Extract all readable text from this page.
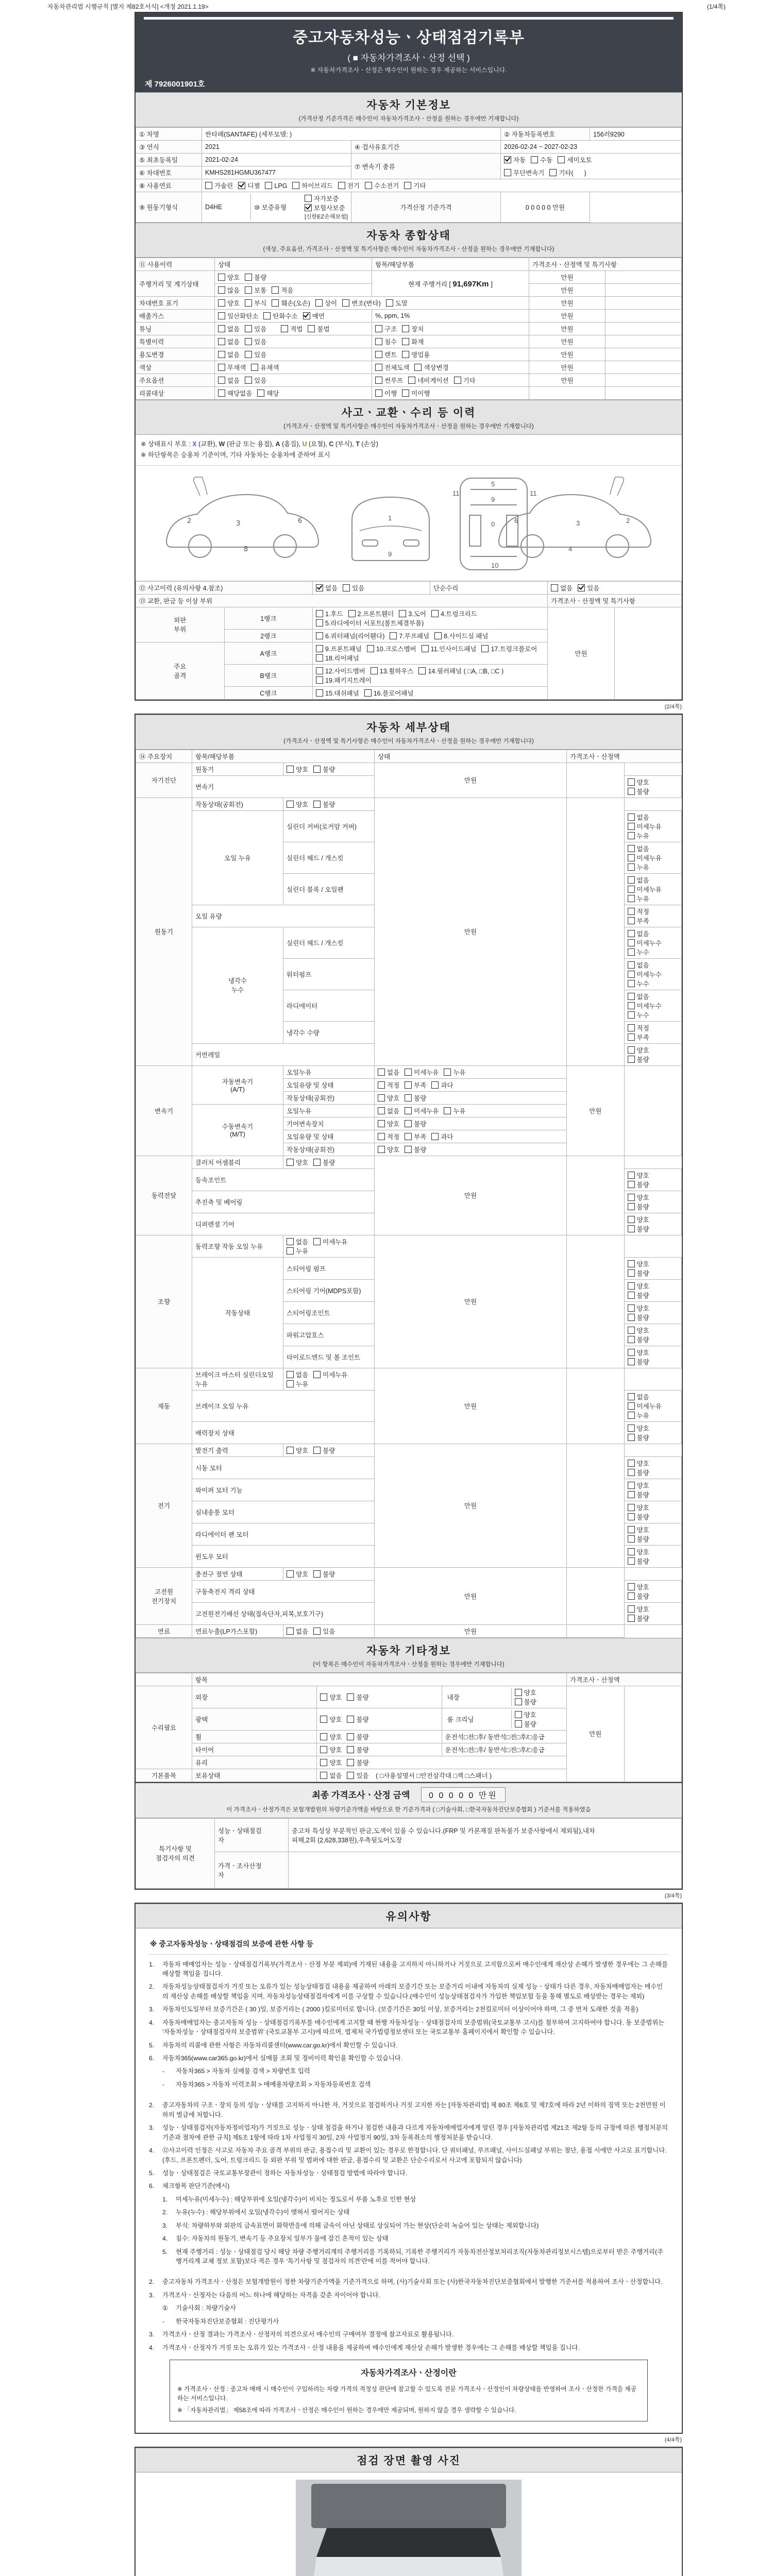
자동차관리법 시행규칙 [별지 제82호서식] <개정 2021.1.19>	(1/4쪽)
중고자동차성능ㆍ상태점검기록부
( ■ 자동차가격조사ㆍ산정 선택 )
※ 자동차가격조사ㆍ산정은 매수인이 원하는 경우 제공하는 서비스입니다.
제 7926001901호
자동차 기본정보
(가격산정 기준가격은 매수인이 자동차가격조사ㆍ산정을 원하는 경우에만 기재합니다)
① 차명	싼타페(SANTAFE) (세부모델: )	② 자동차등록번호	156러9290
③ 연식	2021	④ 검사유효기간	2026-02-24 ~ 2027-02-23
⑤ 최초등록일	2021-02-24	⑦ 변속기 종류	자동 수동 세미오토
⑥ 차대번호	KMHS281HGMU367477	무단변속기 기타(      )
⑧ 사용연료	가솔린 디젤 LPG 하이브리드 전기 수소전기 기타
⑨ 원동기형식		D4HE	⑩ 보증유형	자가보증보험사보증[신한EZ손해보험]
	가격산정 기준가격	0 0 0 0 0 만원
자동차 종합상태
(색상, 주요옵션, 가격조사ㆍ산정액 및 특기사항은 매수인이 자동차가격조사ㆍ산정을 원하는 경우에만 기재합니다)
⑪ 사용이력	상태	항목/해당부품	가격조사ㆍ산정액 및 특기사항	
주행거리 및 계기상태	양호 불량	현재 주행거리 [ 91,697Km ]	만원	
	많음 보통 적음		만원	
차대번호 표기	양호 부식 훼손(오손) 상이 변조(변타) 도말		만원	
배출가스	일산화탄소 탄화수소 매연	%, ppm, 1%	만원	
튜닝	없음 있음 적법 불법	구조 장치	만원	
특별이력	없음 있음	침수 화재	만원	
용도변경	없음 있음	렌트 영업용	만원	
색상	무채색 유채색	전체도색 색상변경	만원	
주요옵션	없음 있음	썬루프 네비게이션 기타	만원	
리콜대상	해당없음 해당	이행 미이행		
사고ㆍ교환ㆍ수리 등 이력
(가격조사ㆍ산정액 및 특기사항은 매수인이 자동차가격조사ㆍ산정을 원하는 경우에만 기재합니다)
※ 상태표시 부호 : X (교환), W (판금 또는 용접), A (흠집), U (요철), C (부식), T (손상)
※ 하단항목은 승용차 기준이며, 기타 자동차는 승용차에 준하여 표시
2	3	6
8
1
9
11	11
5
9
0
10
2
3
6
4
⑫ 사고이력 (유의사항 4.참조)		없음 있음	단순수리	없음 있음	
⑬ 교환, 판금 등 이상 부위				가격조사ㆍ산정액 및 특기사항	
외판
부위	1랭크	1.후드 2.프론트휀더 3.도어 4.트렁크리드
5.라디에이터 서포트(볼트체결부품)		만원	
	2랭크	6.쿼터패널(리어휀다) 7.루프패널 8.사이드실 패널			
주요
골격	A랭크	9.프론트패널 10.크로스멤버 11.인사이드패널 17.트렁크플로어
18.리어패널			
	B랭크	12.사이드멤버 13.휠하우스 14.필러패널 ( □A, □B, □C )
19.패키지트레이			
	C랭크	15.대쉬패널 16.플로어패널			
(2/4쪽)
자동차 세부상태
(가격조사ㆍ산정액 및 특기사항은 매수인이 자동차가격조사ㆍ산정을 원하는 경우에만 기재합니다)
⑭ 주요장치	항목/해당부품		상태	가격조사ㆍ산정액	
자기진단	원동기	양호 불량	만원		
	변속기				양호불량
원동기	작동상태(공회전)	양호 불량	만원		
	오일 누유	실린더 커버(로커암 커버)			없음미세누유누유
		실린더 헤드 / 개스킷			없음미세누유누유
		실린더 블록 / 오일팬			없음미세누유누유
	오일 유량				적정부족
	냉각수
누수	실린더 헤드 / 개스킷			없음미세누수누수
		워터펌프			없음미세누수누수
		라디에이터			없음미세누수누수
		냉각수 수량			적정부족
	커먼레일				양호불량
변속기	자동변속기
(A/T)	오일누유	없음 미세누유 누유	만원	
		오일유량 및 상태	적정 부족 과다		
		작동상태(공회전)	양호 불량		
	수동변속기
(M/T)	오일누유	없음 미세누유 누유		
		기어변속장치	양호 불량		
		오일유량 및 상태	적정 부족 과다		
		작동상태(공회전)	양호 불량		
동력전달	클러치 어셈블리	양호 불량	만원		
	등속조인트				양호불량
	추진축 및 베어링				양호불량
	디퍼렌셜 기어				양호불량
조향	동력조향 작동 오일 누유	없음 미세누유누유	만원		
	작동상태	스티어링 펌프			양호불량
		스티어링 기어(MDPS포함)			양호불량
		스티어링조인트			양호불량
		파워고압호스			양호불량
		타이로드엔드 및 볼 조인트			양호불량
제동	브레이크 마스터 실린더오일 누유	없음 미세누유누유	만원		
	브레이크 오일 누유				없음미세누유누유
	배력장치 상태				양호불량
전기	발전기 출력	양호 불량	만원		
	시동 모터				양호불량
	와이퍼 모터 기능				양호불량
	실내송풍 모터				양호불량
	라디에이터 팬 모터				양호불량
	윈도우 모터				양호불량
고전원
전기장치	충전구 절연 상태	양호 불량	만원		
	구동축전지 격리 상태				양호불량
	고전원전기배선 상태(접속단자,피복,보호기구)				양호불량
연료	연료누출(LP가스포함)	없음 있음	만원		
자동차 기타정보
(이 항목은 매수인이 자동차가격조사ㆍ산정을 원하는 경우에만 기재합니다)
	항목	가격조사ㆍ산정액
수리필요	외장	양호 불량		내장	양호불량
	만원	
광택	양호 불량		룸 크리닝	양호불량

휠	양호 불량	운전석□전□후/ 동반석□전□후/□응급
타이어	양호 불량	운전석□전□후/ 동반석□전□후/□응급
유리	양호 불량
기본품목	보유상태	없음 있음 ( □사용설명서 □안전삼각대 □잭 □스패너 )
최종 가격조사ㆍ산정 금액 0 0 0 0 0 만원
이 가격조사ㆍ산정가격은 보험개발원의 차량기준가액을 바탕으로 한 기준가격과 ( □기술사회, □한국자동차진단보증협회 ) 기준서를 적용하였음
특기사항 및
점검자의 의견	성능ㆍ상태점검
자	중고차 특성상 부분적인 판금,도색이 있을 수 있습니다.(FRP 및 카본재질 판독불가 보증사항에서 제외됨),내차
피해,2회 (2,628,338원),우측뒷도어도장
	가격ㆍ조사산정
자	
(3/4쪽)
유의사항
※ 중고자동차성능ㆍ상태점검의 보증에 관한 사항 등
1.	자동차 매매업자는 성능ㆍ상태점검기록부(가격조사ㆍ산정 부분 제외)에 기재된 내용을 고지하지 아니하거나 거짓으로 고지함으로써 매수인에게 재산상 손해가 발생한 경우에는 그 손해를 배상할 책임을 집니다.
2.	자동차성능상태점검자가 거짓 또는 오류가 있는 성능상태점검 내용을 제공하여 아래의 보증기간 또는 보증거리 이내에 자동차의 실제 성능ㆍ상태가 다른 경우, 자동차매매업자는 매수인의 재산상 손해를 배상할 책임을 지며, 자동차성능상태점검자에게 이를 구상할 수 있습니다.(매수인이 성능상태점검자가 가입한 책임보험 등을 통해 별도로 배상받는 경우는 제외)
3.	자동차인도일부터 보증기간은 ( 30 )일, 보증거리는 ( 2000 )킬로미터로 합니다. (보증기간은 30일 이상, 보증거리는 2천킬로미터 이상이어야 하며, 그 중 먼저 도래한 것을 적용)
4.	자동차매매업자는 중고자동차 성능ㆍ상태점검기록부를 매수인에게 고지할 때 현행 자동차성능ㆍ상태점검자의 보증범위(국토교통부 고시)를 첨부하여 고지하여야 합니다. 동 보증범위는 '자동차성능ㆍ상태점검자의 보증범위' (국토교통부 고시)에 따르며, 법제처 국가법령정보센터 또는 국토교통부 홈페이지에서 확인할 수 있습니다.
5.	자동차의 리콜에 관한 사항은 자동차리콜센터(www.car.go.kr)에서 확인할 수 있습니다.
6.	자동차365(www.car365.go.kr)에서 실매물 조회 및 정비이력 확인을 확인할 수 있습니다.
-	자동차365 > 자동차 실매물 검색 > 차량번호 입력
-	자동차365 > 자동차 이력조회 > 매매용차량조회 > 자동차등록번호 검색
2.	중고자동차의 구조ㆍ장치 등의 성능ㆍ상태를 고지하지 아니한 자, 거짓으로 점검하거나 거짓 고지한 자는 [자동차관리법] 제 80조 제6호 및 제7호에 따라 2년 이하의 징역 또는 2천만원 이하의 벌금에 처합니다.
3.	성능ㆍ상태점검자(자동차정비업자)가 거짓으로 성능ㆍ상태 점검을 하거나 점검한 내용과 다르게 자동차매매업자에게 알린 경우 [자동차관리법 제21조 제2항 등의 규정에 따른 행정처분의 기준과 절차에 관한 규칙] 제5조 1항에 따라 1차 사업정지 30일, 2차 사업정지 90일, 3차 등록취소의 행정처분을 받습니다.
4.	⑫사고이력 인정은 사고로 자동차 주요 골격 부위의 판금, 용접수리 및 교환이 있는 경우로 한정합니다. 단 쿼터패널, 루프패널, 사이드실패널 부위는 절단, 용접 시에만 사고로 표기합니다. (후드, 프론트펜더, 도어, 트렁크리드 등 외판 부위 및 범퍼에 대한 판금, 용접수리 및 교환은 단순수리로서 사고에 포함되지 않습니다)
5.	성능ㆍ상태점검은 국토교통부장관이 정하는 자동차성능ㆍ상태점검 방법에 따라야 합니다.
6.	체크항목 판단기준(예시)
1.	미세누유(미세누수) : 해당부위에 오일(냉각수)이 비치는 정도로서 부품 노후로 인한 현상
2.	누유(누수) : 해당부위에서 오일(냉각수)이 맺혀서 떨어지는 상태
3.	부식: 차량하부와 외판의 금속표면이 화학반응에 의해 금속이 아닌 상태로 상실되어 가는 현상(단순히 녹슬어 있는 상태는 제외합니다)
4.	침수: 자동차의 원동기, 변속기 등 주요장치 일부가 물에 잠긴 흔적이 있는 상태
5.	현재 주행거리 : 성능ㆍ상태점검 당시 해당 차량 주행거리계의 주행거리를 기록하되, 기록한 주행거리가 자동차전산정보처리조직(자동차관리정보시스템)으로부터 받은 주행거리(주행거리계 교체 정보 포함)보다 적은 경우 '특기사항 및 점검자의 의견'란에 이를 적어야 합니다.
2.	중고자동차 가격조사ㆍ산정은 보험개발원이 정한 차량기준가액을 기준가격으로 하며, (사)기술사회 또는 (사)한국자동차진단보증협회에서 발행한 기준서를 적용하여 조사ㆍ산정합니다.
3.	가격조사ㆍ산정자는 다음의 어느 하나에 해당하는 자격을 갖춘 자이어야 합니다.
①	기술사회 : 차량기술사
-	한국자동차진단보증협회 : 진단평가사
3.	가격조사ㆍ산정 결과는 가격조사ㆍ산정자의 의견으로서 매수인의 구매여부 결정에 참고자료로 활용됩니다.
4.	가격조사ㆍ산정자가 거짓 또는 오류가 있는 가격조사ㆍ산정 내용을 제공하여 매수인에게 재산상 손해가 발생한 경우에는 그 손해를 배상할 책임을 집니다.
자동차가격조사ㆍ산정이란
※ 가격조사ㆍ산정 : 중고차 매매 시 매수인이 구입하려는 차량 가격의 적정성 판단에 참고할 수 있도록 전문 가격조사ㆍ산정인이 차량상태를 반영하여 조사ㆍ산정한 가격을 제공하는 서비스입니다.
※ 「자동차관리법」 제58조에 따라 가격조사ㆍ산정은 매수인이 원하는 경우에만 제공되며, 원하지 않을 경우 생략할 수 있습니다.
(4/4쪽)
점검 장면 촬영 사진
